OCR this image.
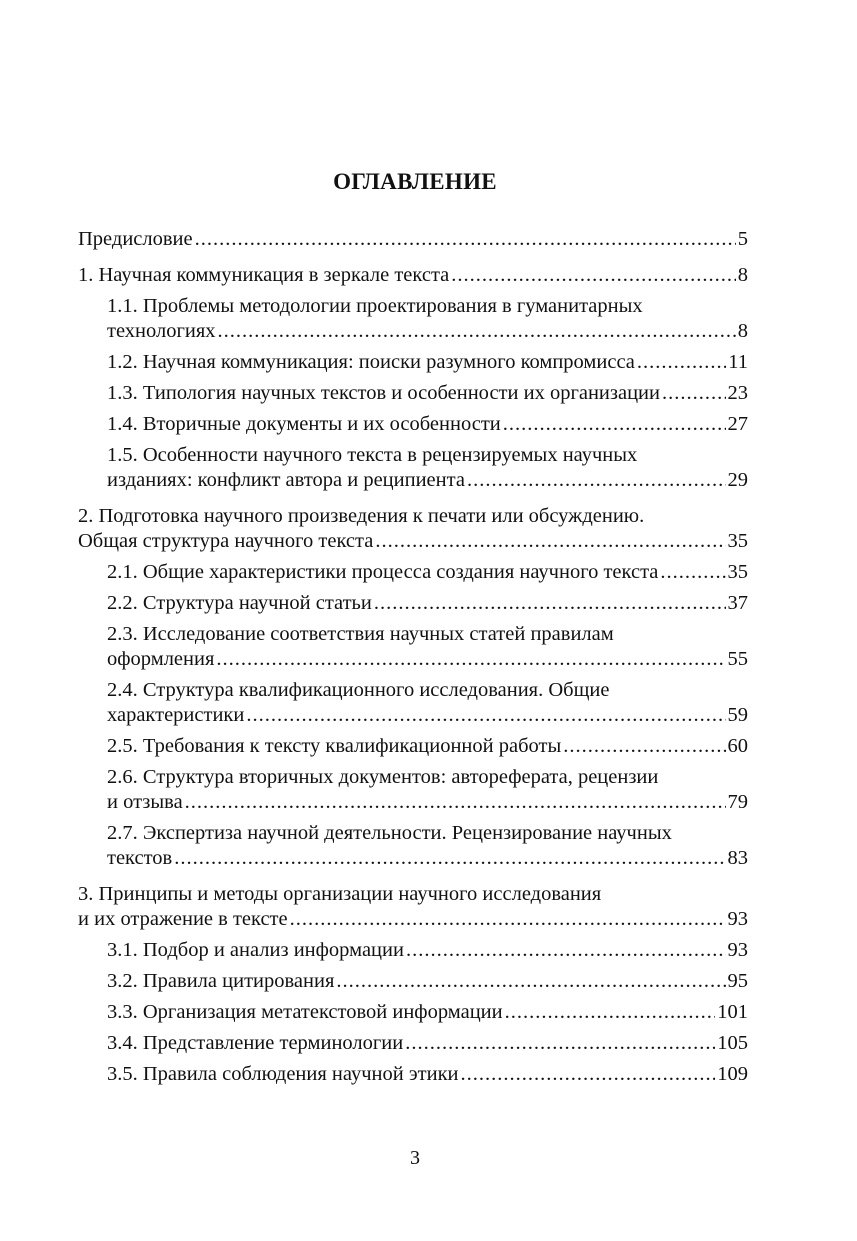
ОГЛАВЛЕНИЕ
Предисловие .....	5
1. Научная коммуникация в зеркале текста .....	8
1.1. Проблемы методологии проектирования в гуманитарных
технологиях .....	8
1.2. Научная коммуникация: поиски разумного компромисса .....	11
1.3. Типология научных текстов и особенности их организации .....	23
1.4. Вторичные документы и их особенности .....	27
1.5. Особенности научного текста в рецензируемых научных
изданиях: конфликт автора и реципиента .....	29
2. Подготовка научного произведения к печати или обсуждению.
Общая структура научного текста .....	35
2.1. Общие характеристики процесса создания научного текста .....	35
2.2. Структура научной статьи .....	37
2.3. Исследование соответствия научных статей правилам
оформления .....	55
2.4. Структура квалификационного исследования. Общие
характеристики .....	59
2.5. Требования к тексту квалификационной работы .....	60
2.6. Структура вторичных документов: автореферата, рецензии
и отзыва .....	79
2.7. Экспертиза научной деятельности. Рецензирование научных
текстов .....	83
3. Принципы и методы организации научного исследования
и их отражение в тексте .....	93
3.1. Подбор и анализ информации .....	93
3.2. Правила цитирования .....	95
3.3. Организация метатекстовой информации .....	101
3.4. Представление терминологии .....	105
3.5. Правила соблюдения научной этики .....	109
3
